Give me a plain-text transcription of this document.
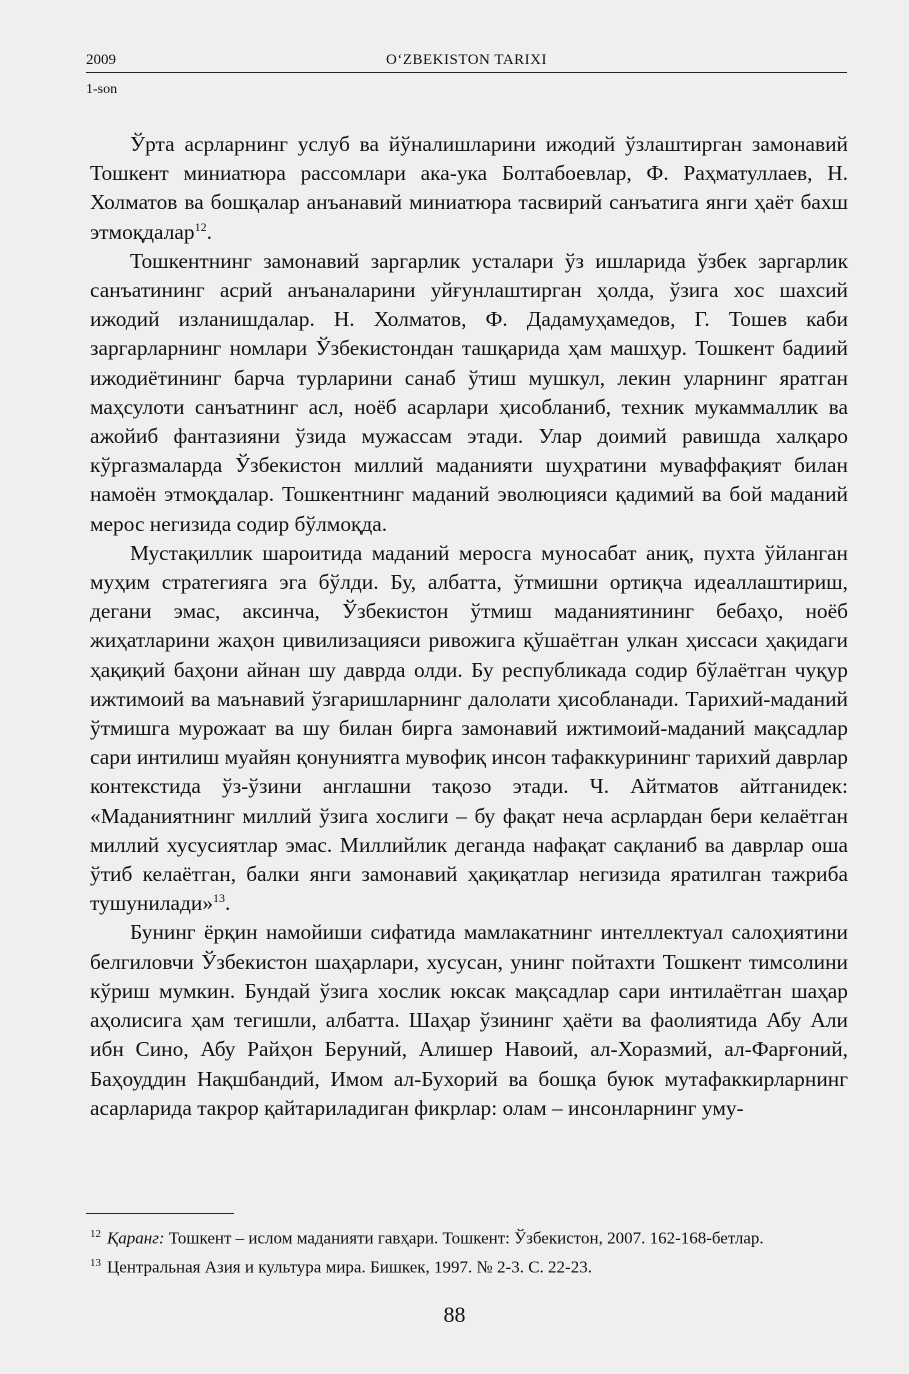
2009	O‘ZBEKISTON TARIXI
1-son

Ўрта асрларнинг услуб ва йўналишларини ижодий ўзлаштирган замонавий Тошкент миниатюра рассомлари ака-ука Болтабоевлар, Ф. Раҳматуллаев, Н. Холматов ва бошқалар анъанавий миниатюра тасвирий санъатига янги ҳаёт бахш этмоқдалар$^{12}$.

Тошкентнинг замонавий заргарлик усталари ўз ишларида ўзбек заргарлик санъатининг асрий анъаналарини уйғунлаштирган ҳолда, ўзига хос шахсий ижодий изланишдалар. Н. Холматов, Ф. Дадамуҳамедов, Г. Тошев каби заргарларнинг номлари Ўзбекистондан ташқарида ҳам машҳур. Тошкент бадиий ижодиётининг барча турларини санаб ўтиш мушкул, лекин уларнинг яратган маҳсулоти санъатнинг асл, ноёб асарлари ҳисобланиб, техник мукаммаллик ва ажойиб фантазияни ўзида мужассам этади. Улар доимий равишда халқаро кўргазмаларда Ўзбекистон миллий маданияти шуҳратини муваффақият билан намоён этмоқдалар. Тошкентнинг маданий эволюцияси қадимий ва бой маданий мерос негизида содир бўлмоқда.

Мустақиллик шароитида маданий меросга муносабат аниқ, пухта ўйланган муҳим стратегияга эга бўлди. Бу, албатта, ўтмишни ортиқча идеаллаштириш, дегани эмас, аксинча, Ўзбекистон ўтмиш маданиятининг бебаҳо, ноёб жиҳатларини жаҳон цивилизацияси ривожига қўшаётган улкан ҳиссаси ҳақидаги ҳақиқий баҳони айнан шу даврда олди. Бу республикада содир бўлаётган чуқур ижтимоий ва маънавий ўзгаришларнинг далолати ҳисобланади. Тарихий-маданий ўтмишга мурожаат ва шу билан бирга замонавий ижтимоий-маданий мақсадлар сари интилиш муайян қонуниятга мувофиқ инсон тафаккурининг тарихий даврлар контекстида ўз-ўзини англашни тақозо этади. Ч. Айтматов айтганидек: «Маданиятнинг миллий ўзига хослиги – бу фақат неча асрлардан бери келаётган миллий хусусиятлар эмас. Миллийлик деганда нафақат сақланиб ва даврлар оша ўтиб келаётган, балки янги замонавий ҳақиқатлар негизида яратилган тажриба тушунилади»$^{13}$.

Бунинг ёрқин намойиши сифатида мамлакатнинг интеллектуал салоҳиятини белгиловчи Ўзбекистон шаҳарлари, хусусан, унинг пойтахти Тошкент тимсолини кўриш мумкин. Бундай ўзига хослик юксак мақсадлар сари интилаётган шаҳар аҳолисига ҳам тегишли, албатта. Шаҳар ўзининг ҳаёти ва фаолиятида Абу Али ибн Сино, Абу Райҳон Беруний, Алишер Навоий, ал-Хоразмий, ал-Фарғоний, Баҳоуддин Нақшбандий, Имом ал-Бухорий ва бошқа буюк мутафаккирларнинг асарларида такрор қайтариладиган фикрлар: олам – инсонларнинг уму-

$^{12}$ Қаранг: Тошкент – ислом маданияти гавҳари. Тошкент: Ўзбекистон, 2007. 162-168-бетлар.

$^{13}$ Центральная Азия и культура мира. Бишкек, 1997. № 2-3. С. 22-23.

88
